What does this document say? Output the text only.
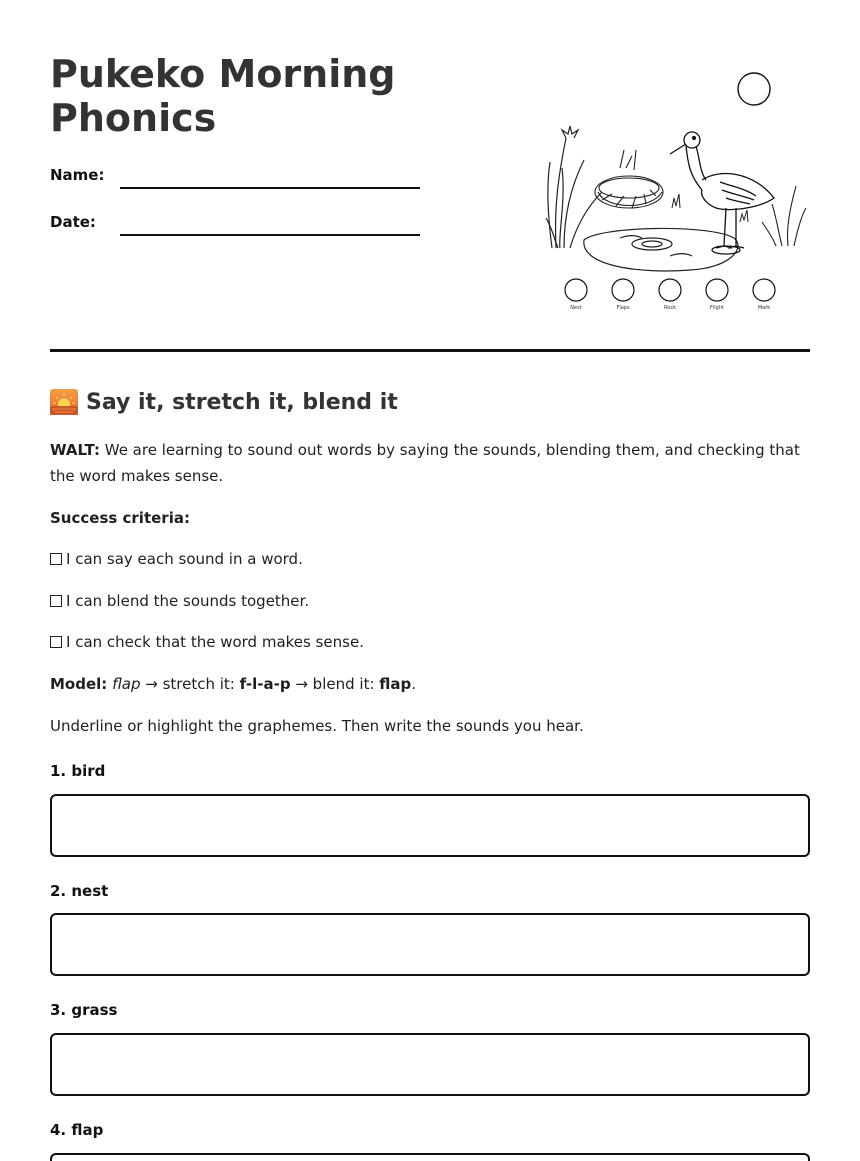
Pukeko Morning Phonics
Name:
Date:
Nest	Flaps	Rock	Flight	Mark
Say it, stretch it, blend it

WALT: We are learning to sound out words by saying the sounds, blending them, and checking that the word makes sense.

Success criteria:

I can say each sound in a word.
I can blend the sounds together.
I can check that the word makes sense.

Model: flap → stretch it: f-l-a-p → blend it: flap.

Underline or highlight the graphemes. Then write the sounds you hear.

1. bird
2. nest
3. grass
4. flap
